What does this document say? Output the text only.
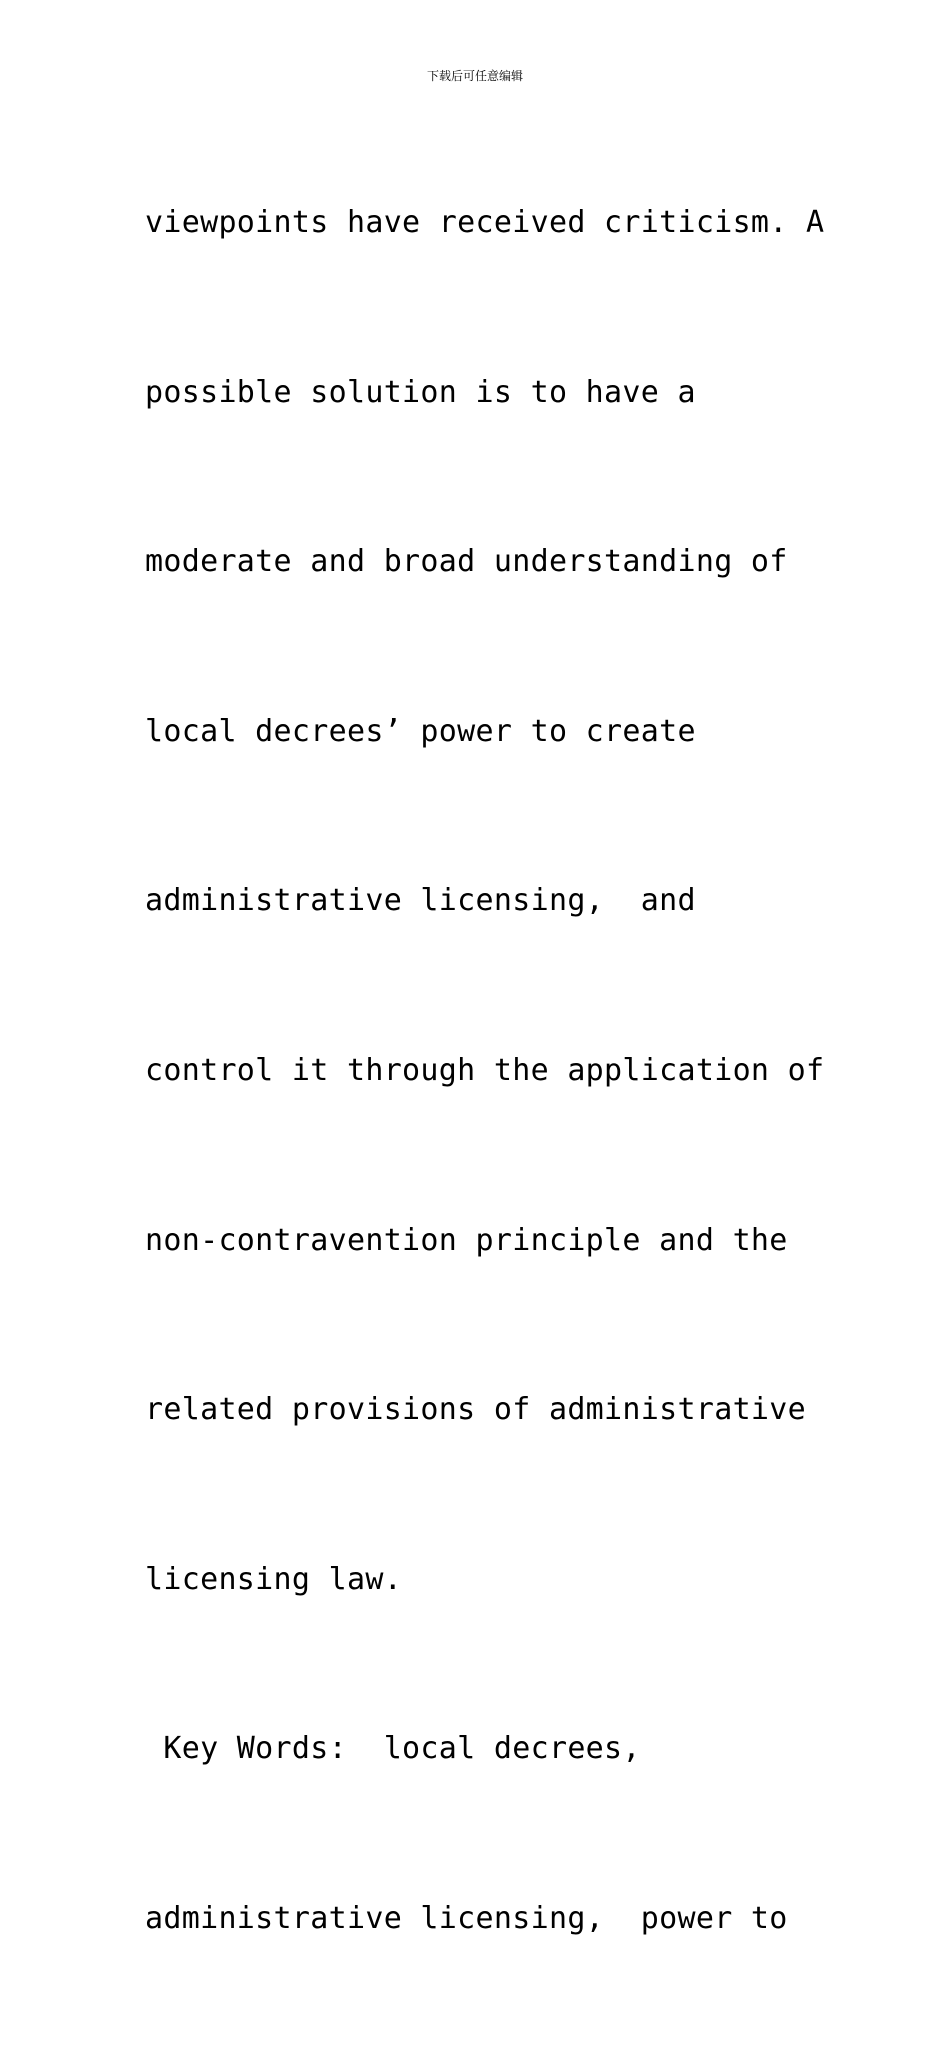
下载后可任意编辑

viewpoints have received criticism. A

possible solution is to have a

moderate and broad understanding of

local decrees’ power to create

administrative licensing,  and

control it through the application of

non-contravention principle and the

related provisions of administrative

licensing law.

Key Words:  local decrees,

administrative licensing,  power to
